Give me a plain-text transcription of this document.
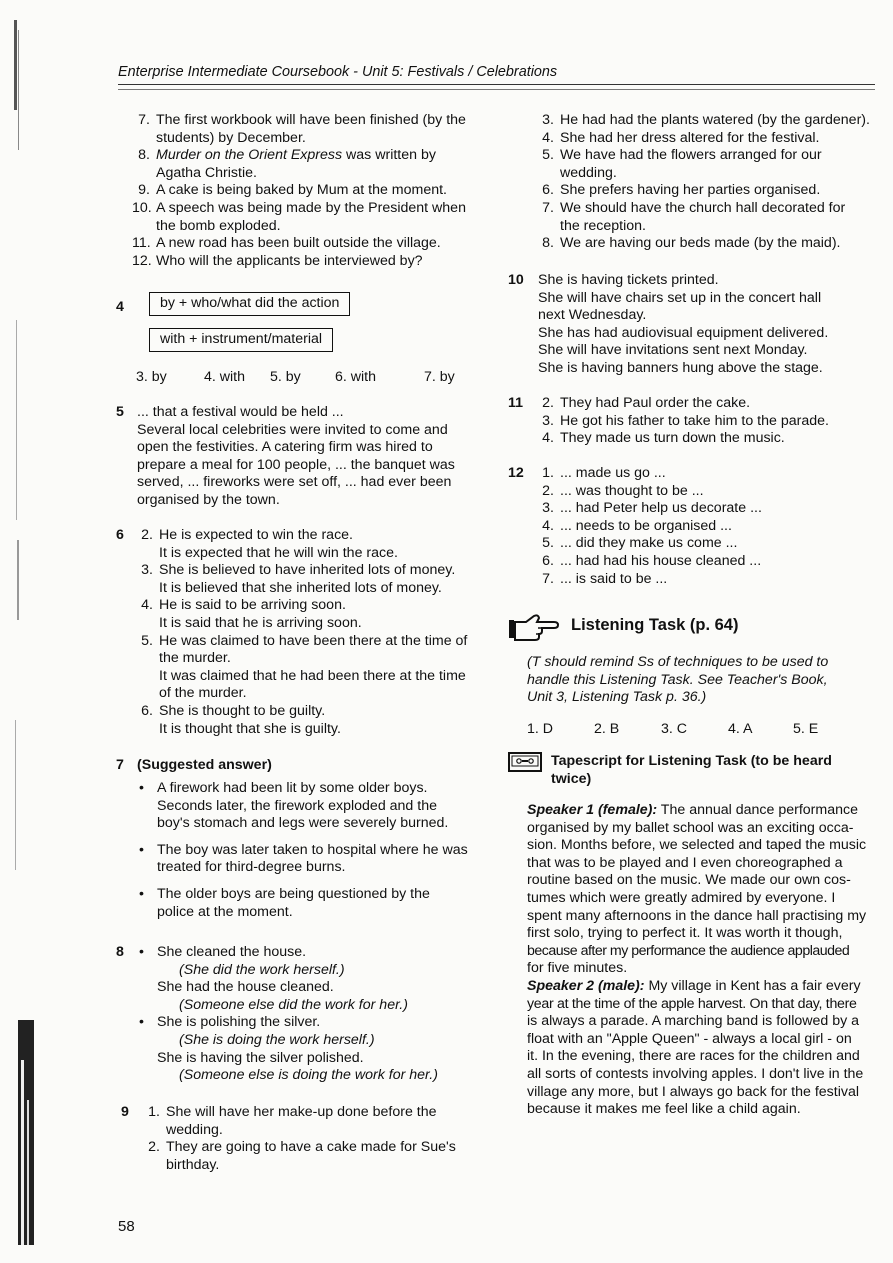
Enterprise Intermediate Coursebook - Unit 5: Festivals / Celebrations
7. The first workbook will have been finished (by the
students) by December.
8. Murder on the Orient Express was written by
Agatha Christie.
9. A cake is being baked by Mum at the moment.
10. A speech was being made by the President when
the bomb exploded.
11. A new road has been built outside the village.
12. Who will the applicants be interviewed by?
4	by + who/what did the action
with + instrument/material
3. by	4. with 5. by 6. with	7. by
5 ... that a festival would be held ...
Several local celebrities were invited to come and
open the festivities. A catering firm was hired to
prepare a meal for 100 people, ... the banquet was
served, ... fireworks were set off, ... had ever been
organised by the town.
6	2. He is expected to win the race.
It is expected that he will win the race.
3. She is believed to have inherited lots of money.
It is believed that she inherited lots of money.
4. He is said to be arriving soon.
It is said that he is arriving soon.
5. He was claimed to have been there at the time of
the murder.
It was claimed that he had been there at the time
of the murder.
6. She is thought to be guilty.
It is thought that she is guilty.
7 (Suggested answer)
• A firework had been lit by some older boys.
Seconds later, the firework exploded and the
boy's stomach and legs were severely burned.
• The boy was later taken to hospital where he was
treated for third-degree burns.
• The older boys are being questioned by the
police at the moment.
8 • She cleaned the house.
(She did the work herself.)
She had the house cleaned.
(Someone else did the work for her.)
• She is polishing the silver.
(She is doing the work herself.)
She is having the silver polished.
(Someone else is doing the work for her.)
9	1. She will have her make-up done before the
wedding.
2. They are going to have a cake made for Sue's
birthday.
58
3. He had had the plants watered (by the gardener).
4. She had her dress altered for the festival.
5. We have had the flowers arranged for our
wedding.
6. She prefers having her parties organised.
7. We should have the church hall decorated for
the reception.
8. We are having our beds made (by the maid).
10 She is having tickets printed.
She will have chairs set up in the concert hall
next Wednesday.
She has had audiovisual equipment delivered.
She will have invitations sent next Monday.
She is having banners hung above the stage.
11	2. They had Paul order the cake.
3. He got his father to take him to the parade.
4. They made us turn down the music.
12	1. ... made us go ...
2. ... was thought to be ...
3. ... had Peter help us decorate ...
4. ... needs to be organised ...
5. ... did they make us come ...
6. ... had had his house cleaned ...
7. ... is said to be ...
Listening Task (p. 64)
(T should remind Ss of techniques to be used to
handle this Listening Task. See Teacher's Book,
Unit 3, Listening Task p. 36.)
1. D	2. B	3. C	4. A	5. E
Tapescript for Listening Task (to be heard
twice)
Speaker 1 (female): The annual dance performance
organised by my ballet school was an exciting occa-
sion. Months before, we selected and taped the music
that was to be played and I even choreographed a
routine based on the music. We made our own cos-
tumes which were greatly admired by everyone. I
spent many afternoons in the dance hall practising my
first solo, trying to perfect it. It was worth it though,
because after my performance the audience applauded
for five minutes.
Speaker 2 (male): My village in Kent has a fair every
year at the time of the apple harvest. On that day, there
is always a parade. A marching band is followed by a
float with an "Apple Queen" - always a local girl - on
it. In the evening, there are races for the children and
all sorts of contests involving apples. I don't live in the
village any more, but I always go back for the festival
because it makes me feel like a child again.
